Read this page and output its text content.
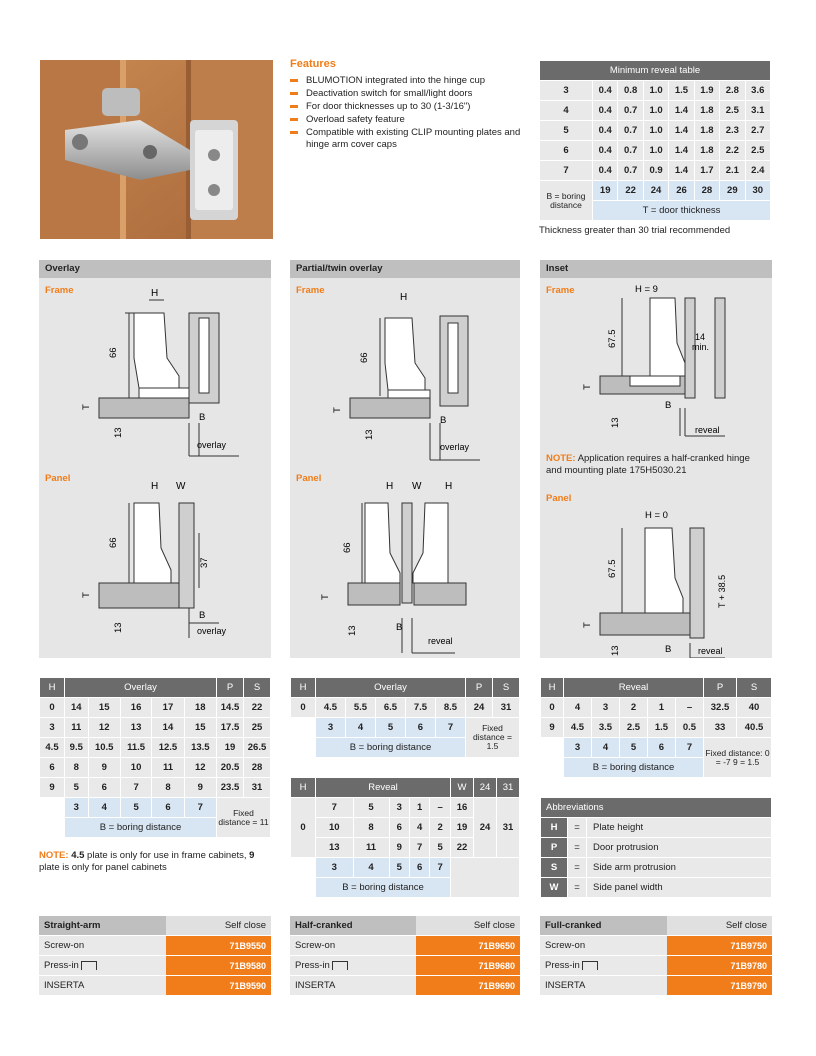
Features
BLUMOTION integrated into the hinge cup
Deactivation switch for small/light doors
For door thicknesses up to 30 (1-3/16")
Overload safety feature
Compatible with existing CLIP mounting plates and hinge arm cover caps
Minimum reveal table							
3	0.4	0.8	1.0	1.5	1.9	2.8	3.6
4	0.4	0.7	1.0	1.4	1.8	2.5	3.1
5	0.4	0.7	1.0	1.4	1.8	2.3	2.7
6	0.4	0.7	1.0	1.4	1.8	2.2	2.5
7	0.4	0.7	0.9	1.4	1.7	2.1	2.4
B = boring distance	19	22	24	26	28	29	30
	T = door thickness						
Thickness greater than 30 trial recommended
Overlay
Frame
Panel
H
66
T
13
B
overlay
H W
66
37
T
13
B
overlay
Partial/twin overlay
Frame
Panel
H
66
T
13
B
overlay
H W H
66
T
13	B
reveal
Inset
Frame
NOTE: Application requires a half-cranked hinge and mounting plate 175H5030.21
Panel
H = 9
67.5	14
min.
T
B
13
reveal
H = 0
67.5
T + 38.5
T
13	B	reveal
H	Overlay					P	S
0	14	15	16	17	18	14.5	22
3	11	12	13	14	15	17.5	25
4.5	9.5	10.5	11.5	12.5	13.5	19	26.5
6	8	9	10	11	12	20.5	28
9	5	6	7	8	9	23.5	31
	3	4	5	6	7	Fixed distance = 11	
	B = boring distance						
NOTE: 4.5 plate is only for use in frame cabinets, 9 plate is only for panel cabinets
H	Overlay					P	S
0	4.5	5.5	6.5	7.5	8.5	24	31
	3	4	5	6	7	Fixed distance = 1.5	
	B = boring distance						
H	Reveal					W	24	31
0	7	5	3	1	–	16	24	31
	10	8	6	4	2	19		
	13	11	9	7	5	22		
	3	4	5	6	7			
	B = boring distance							
H	Reveal					P	S
0	4	3	2	1	–	32.5	40
9	4.5	3.5	2.5	1.5	0.5	33	40.5
	3	4	5	6	7	Fixed distance: 0 = -7 9 = 1.5	
	B = boring distance						
Abbreviations		
H	=	Plate height
P	=	Door protrusion
S	=	Side arm protrusion
W	=	Side panel width
Straight-arm	Self close
Screw-on	71B9550
Press-in	71B9580
INSERTA	71B9590
Half-cranked	Self close
Screw-on	71B9650
Press-in	71B9680
INSERTA	71B9690
Full-cranked	Self close
Screw-on	71B9750
Press-in	71B9780
INSERTA	71B9790
